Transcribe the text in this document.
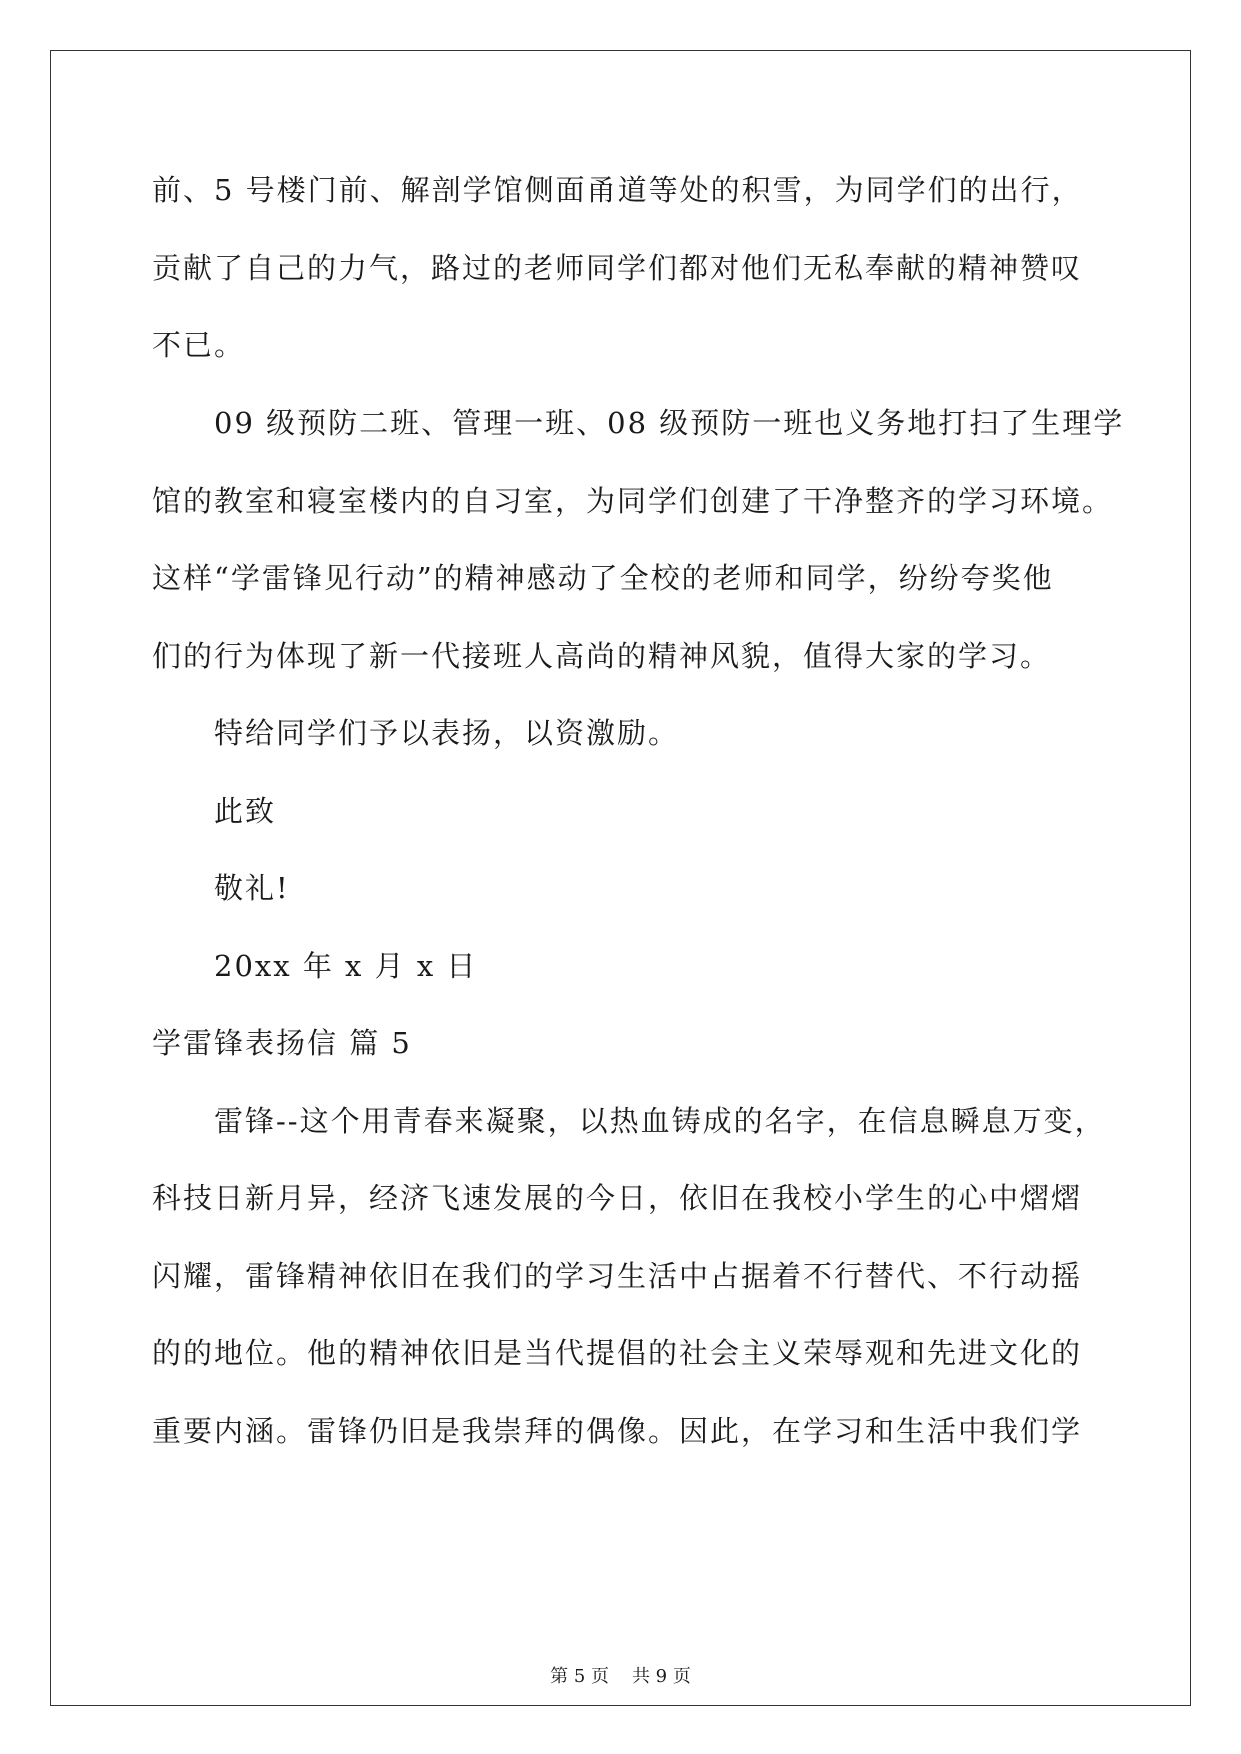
前、5 号楼门前、解剖学馆侧面甬道等处的积雪，为同学们的出行，
贡献了自己的力气，路过的老师同学们都对他们无私奉献的精神赞叹
不已。
09 级预防二班、管理一班、08 级预防一班也义务地打扫了生理学
馆的教室和寝室楼内的自习室，为同学们创建了干净整齐的学习环境。
这样“学雷锋见行动”的精神感动了全校的老师和同学，纷纷夸奖他
们的行为体现了新一代接班人高尚的精神风貌，值得大家的学习。
特给同学们予以表扬，以资激励。
此致
敬礼!
20xx 年 x 月 x 日
学雷锋表扬信 篇 5
雷锋--这个用青春来凝聚，以热血铸成的名字，在信息瞬息万变，
科技日新月异，经济飞速发展的今日，依旧在我校小学生的心中熠熠
闪耀，雷锋精神依旧在我们的学习生活中占据着不行替代、不行动摇
的的地位。他的精神依旧是当代提倡的社会主义荣辱观和先进文化的
重要内涵。雷锋仍旧是我崇拜的偶像。因此，在学习和生活中我们学
第 5 页    共 9 页
